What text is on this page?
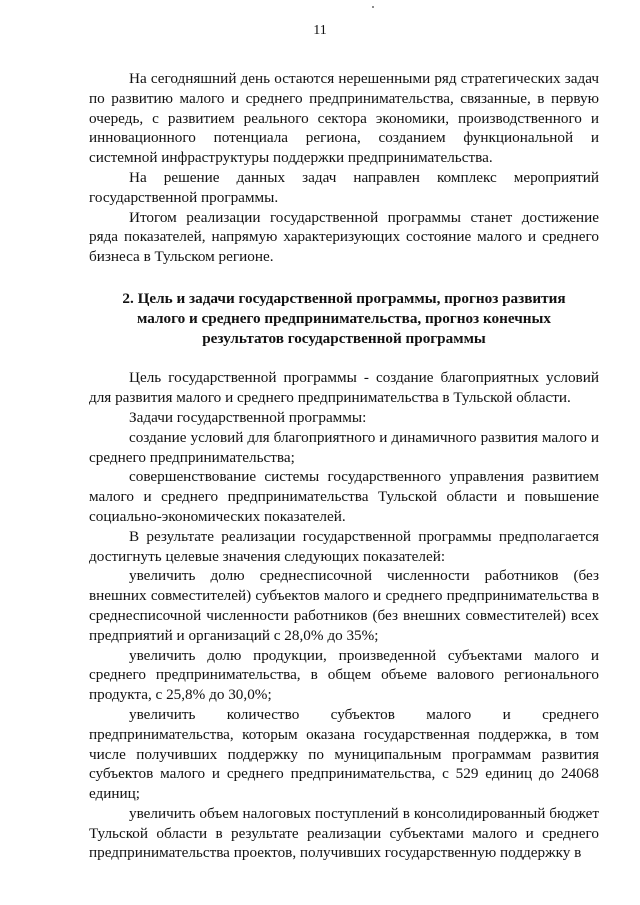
11

На сегодняшний день остаются нерешенными ряд стратегических задач по развитию малого и среднего предпринимательства, связанные, в первую очередь, с развитием реального сектора экономики, производственного и инновационного потенциала региона, созданием функциональной и системной инфраструктуры поддержки предпринимательства.

На решение данных задач направлен комплекс мероприятий государственной программы.

Итогом реализации государственной программы станет достижение ряда показателей, напрямую характеризующих состояние малого и среднего бизнеса в Тульском регионе.

2. Цель и задачи государственной программы, прогноз развития малого и среднего предпринимательства, прогноз конечных результатов государственной программы

Цель государственной программы - создание благоприятных условий для развития малого и среднего предпринимательства в Тульской области.

Задачи государственной программы:

создание условий для благоприятного и динамичного развития малого и среднего предпринимательства;

совершенствование системы государственного управления развитием малого и среднего предпринимательства Тульской области и повышение социально-экономических показателей.

В результате реализации государственной программы предполагается достигнуть целевые значения следующих показателей:

увеличить долю среднесписочной численности работников (без внешних совместителей) субъектов малого и среднего предпринимательства в среднесписочной численности работников (без внешних совместителей) всех предприятий и организаций с 28,0% до 35%;

увеличить долю продукции, произведенной субъектами малого и среднего предпринимательства, в общем объеме валового регионального продукта, с 25,8% до 30,0%;

увеличить количество субъектов малого и среднего предпринимательства, которым оказана государственная поддержка, в том числе получивших поддержку по муниципальным программам развития субъектов малого и среднего предпринимательства, с 529 единиц до 24068 единиц;

увеличить объем налоговых поступлений в консолидированный бюджет Тульской области в результате реализации субъектами малого и среднего предпринимательства проектов, получивших государственную поддержку в
